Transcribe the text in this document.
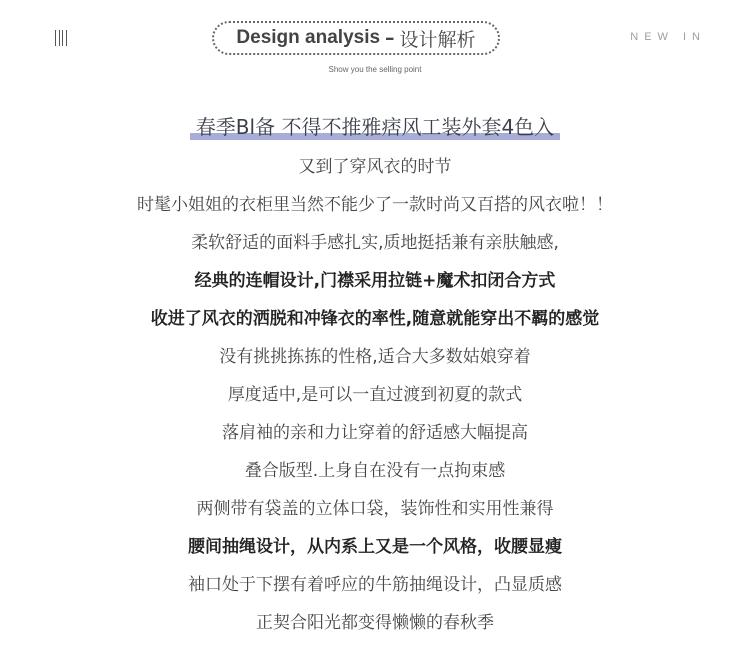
NEW IN
Design analysis – 设计解析
Show you the selling point
春季Bl备 不得不推雅痞风工装外套4色入
又到了穿风衣的时节
时髦小姐姐的衣柜里当然不能少了一款时尚又百搭的风衣啦！！
柔软舒适的面料手感扎实,质地挺括兼有亲肤触感,
经典的连帽设计,门襟采用拉链+魔术扣闭合方式
收进了风衣的洒脱和冲锋衣的率性,随意就能穿出不羁的感觉
没有挑挑拣拣的性格,适合大多数姑娘穿着
厚度适中,是可以一直过渡到初夏的款式
落肩袖的亲和力让穿着的舒适感大幅提高
叠合版型.上身自在没有一点拘束感
两侧带有袋盖的立体口袋，装饰性和实用性兼得
腰间抽绳设计，从内系上又是一个风格，收腰显瘦
袖口处于下摆有着呼应的牛筋抽绳设计，凸显质感
正契合阳光都变得懒懒的春秋季
